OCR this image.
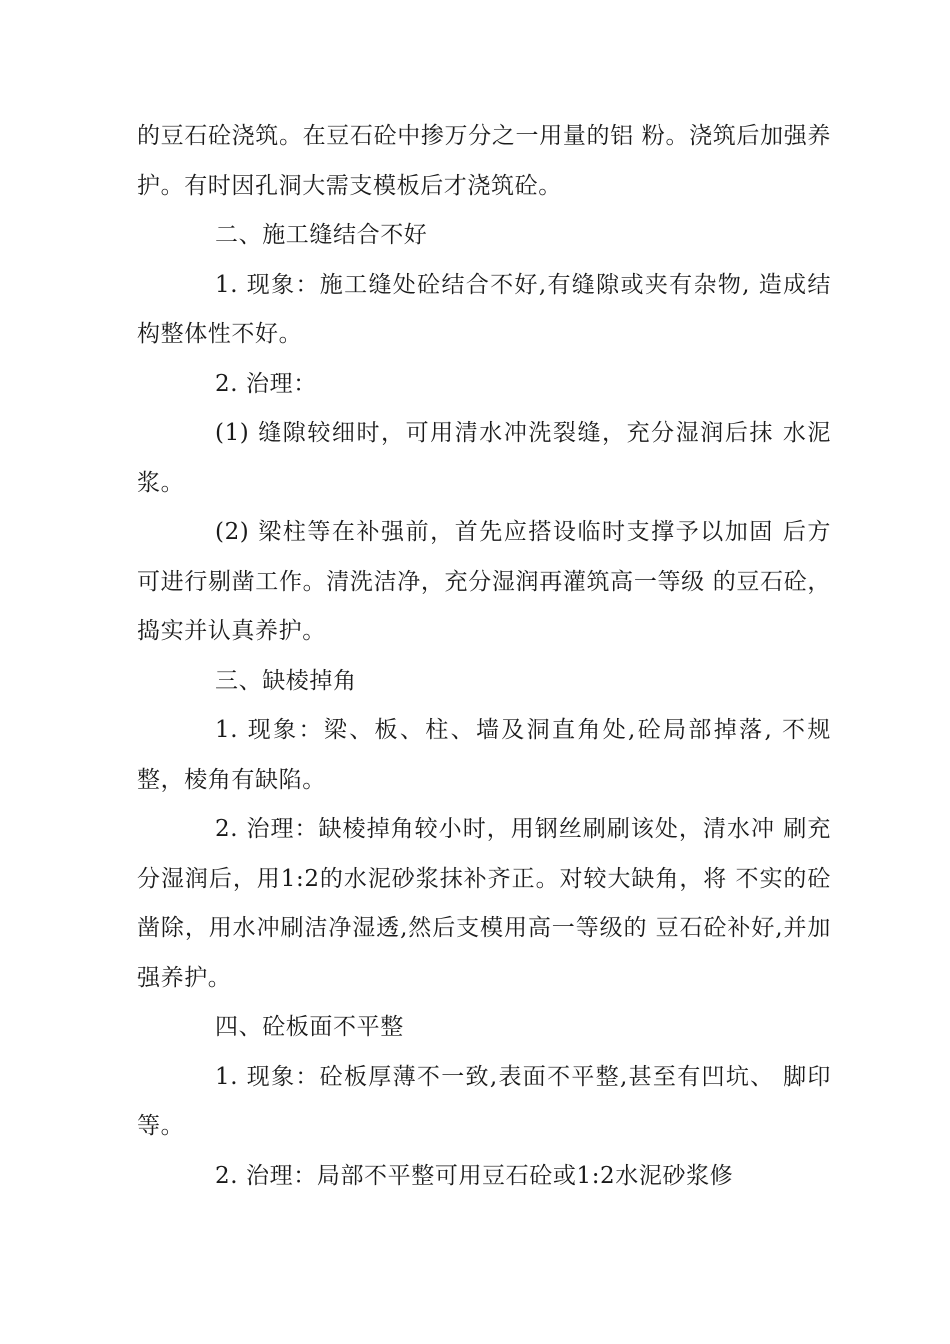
的豆石砼浇筑。在豆石砼中掺万分之一用量的铝 粉。浇筑后加强养护。有时因孔洞大需支模板后才浇筑砼。

二、施工缝结合不好

1. 现象：施工缝处砼结合不好,有缝隙或夹有杂物, 造成结构整体性不好。

2. 治理：

(1) 缝隙较细时，可用清水冲洗裂缝，充分湿润后抹 水泥浆。

(2) 梁柱等在补强前，首先应搭设临时支撑予以加固 后方可进行剔凿工作。清洗洁净，充分湿润再灌筑高一等级 的豆石砼，捣实并认真养护。

三、缺棱掉角

1. 现象：梁、板、柱、墙及洞直角处,砼局部掉落, 不规整，棱角有缺陷。

2. 治理：缺棱掉角较小时，用钢丝刷刷该处，清水冲 刷充分湿润后，用1:2的水泥砂浆抹补齐正。对较大缺角，将 不实的砼凿除，用水冲刷洁净湿透,然后支模用高一等级的 豆石砼补好,并加强养护。

四、砼板面不平整

1. 现象：砼板厚薄不一致,表面不平整,甚至有凹坑、 脚印等。

2. 治理：局部不平整可用豆石砼或1:2水泥砂浆修
